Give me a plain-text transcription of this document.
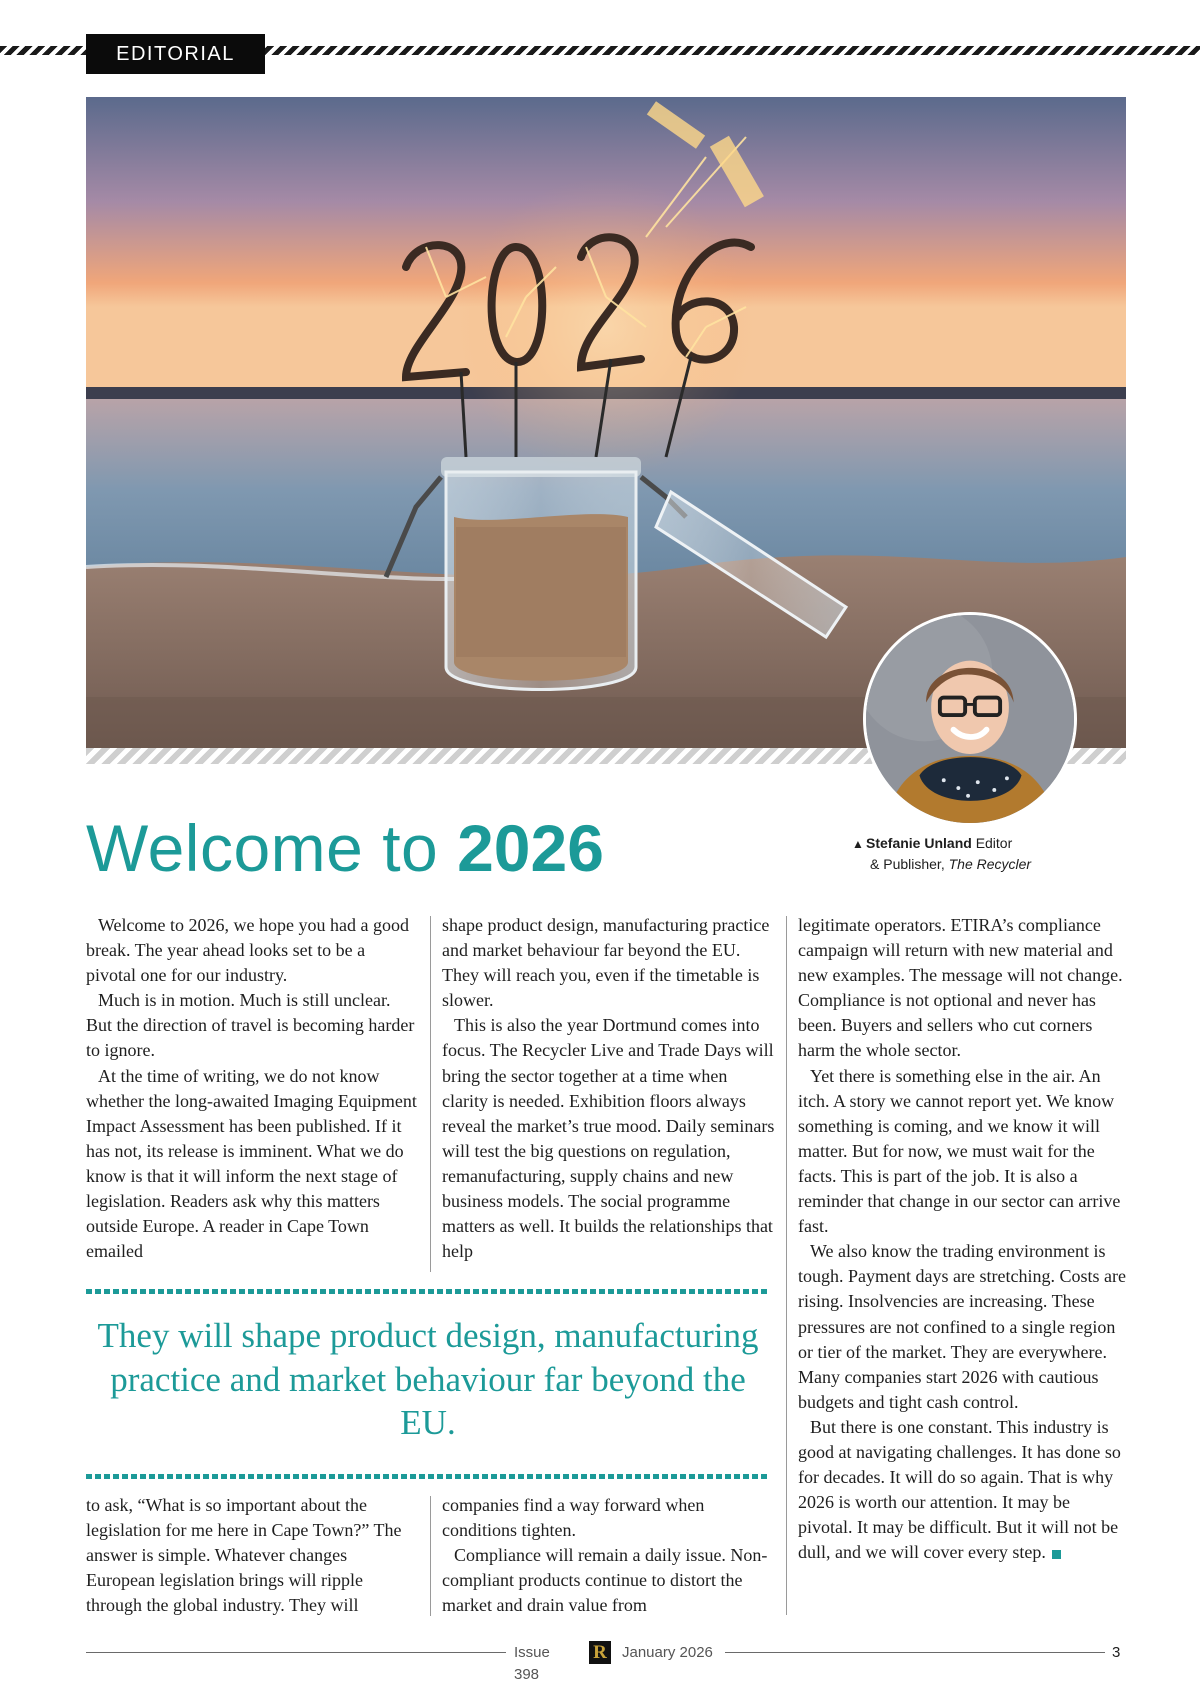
EDITORIAL
▲ Stefanie Unland Editor
& Publisher, The Recycler
Welcome to 2026

Welcome to 2026, we hope you had a good break. The year ahead looks set to be a pivotal one for our industry.

Much is in motion. Much is still unclear. But the direction of travel is becoming harder to ignore.

At the time of writing, we do not know whether the long-awaited Imaging Equipment Impact Assessment has been published. If it has not, its release is imminent. What we do know is that it will inform the next stage of legislation. Readers ask why this matters outside Europe. A reader in Cape Town emailed

shape product design, manufacturing practice and market behaviour far beyond the EU. They will reach you, even if the timetable is slower.

This is also the year Dortmund comes into focus. The Recycler Live and Trade Days will bring the sector together at a time when clarity is needed. Exhibition floors always reveal the market’s true mood. Daily seminars will test the big questions on regulation, remanufacturing, supply chains and new business models. The social programme matters as well. It builds the relationships that help

legitimate operators. ETIRA’s compliance campaign will return with new material and new examples. The message will not change. Compliance is not optional and never has been. Buyers and sellers who cut corners harm the whole sector.

Yet there is something else in the air. An itch. A story we cannot report yet. We know something is coming, and we know it will matter. But for now, we must wait for the facts. This is part of the job. It is also a reminder that change in our sector can arrive fast.

We also know the trading environment is tough. Payment days are stretching. Costs are rising. Insolvencies are increasing. These pressures are not confined to a single region or tier of the market. They are everywhere. Many companies start 2026 with cautious budgets and tight cash control.

But there is one constant. This industry is good at navigating challenges. It has done so for decades. It will do so again. That is why 2026 is worth our attention. It may be pivotal. It may be difficult. But it will not be dull, and we will cover every step.

They will shape product design, manufacturing practice and market behaviour far beyond the EU.

to ask, “What is so important about the legislation for me here in Cape Town?” The answer is simple. Whatever changes European legislation brings will ripple through the global industry. They will

companies find a way forward when conditions tighten.

Compliance will remain a daily issue. Non-compliant products continue to distort the market and drain value from

Issue 398
R January 2026	3
